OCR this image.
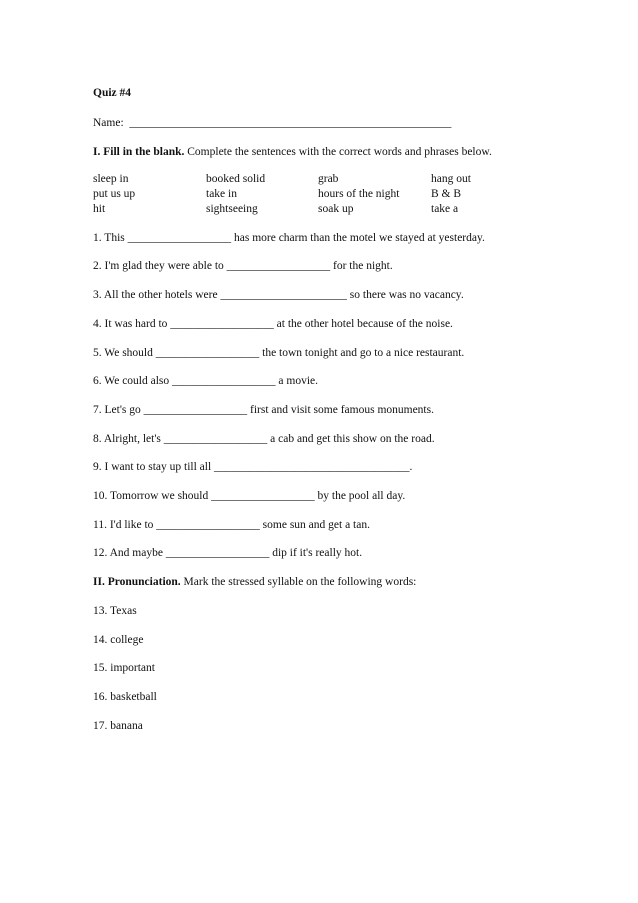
Quiz #4
Name:  ________________________________________________________
I. Fill in the blank. Complete the sentences with the correct words and phrases below.
sleep in	booked solid	grab	hang out
put us up	take in	hours of the night	B & B
hit	sightseeing	soak up	take a
1. This __________________ has more charm than the motel we stayed at yesterday.
2. I'm glad they were able to __________________ for the night.
3. All the other hotels were ______________________ so there was no vacancy.
4. It was hard to __________________ at the other hotel because of the noise.
5. We should __________________ the town tonight and go to a nice restaurant.
6. We could also __________________ a movie.
7. Let's go __________________ first and visit some famous monuments.
8. Alright, let's __________________ a cab and get this show on the road.
9. I want to stay up till all __________________________________.
10. Tomorrow we should __________________ by the pool all day.
11. I'd like to __________________ some sun and get a tan.
12. And maybe __________________ dip if it's really hot.
II. Pronunciation. Mark the stressed syllable on the following words:
13. Texas
14. college
15. important
16. basketball
17. banana
